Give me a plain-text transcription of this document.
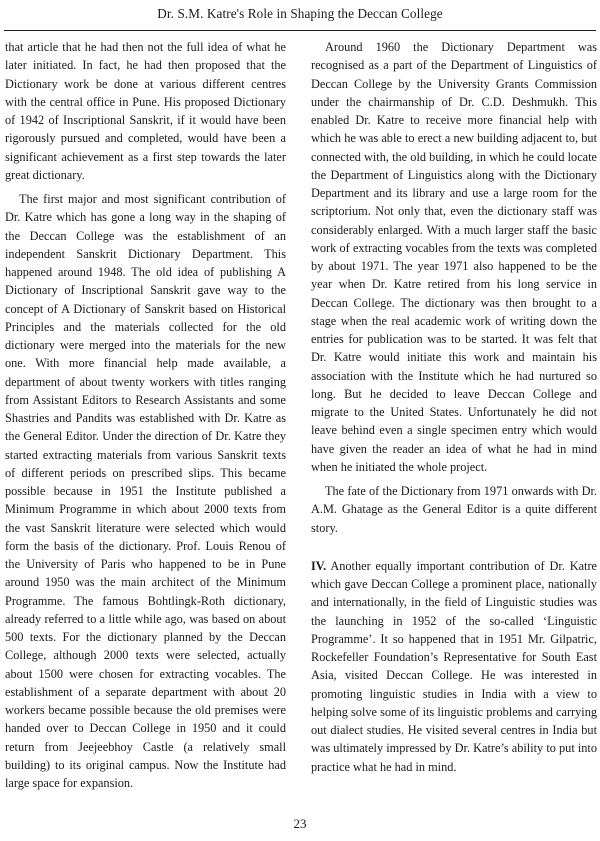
Dr. S.M. Katre's Role in Shaping the Deccan College

that article that he had then not the full idea of what he later initiated. In fact, he had then proposed that the Dictionary work be done at various different centres with the central office in Pune. His proposed Dictionary of 1942 of Inscriptional Sanskrit, if it would have been rigorously pursued and completed, would have been a significant achievement as a first step towards the later great dictionary.

The first major and most significant contribution of Dr. Katre which has gone a long way in the shaping of the Deccan College was the establishment of an independent Sanskrit Dictionary Department. This happened around 1948. The old idea of publishing A Dictionary of Inscriptional Sanskrit gave way to the concept of A Dictionary of Sanskrit based on Historical Principles and the materials collected for the old dictionary were merged into the materials for the new one. With more financial help made available, a department of about twenty workers with titles ranging from Assistant Editors to Research Assistants and some Shastries and Pandits was established with Dr. Katre as the General Editor. Under the direction of Dr. Katre they started extracting materials from various Sanskrit texts of different periods on prescribed slips. This became possible because in 1951 the Institute published a Minimum Programme in which about 2000 texts from the vast Sanskrit literature were selected which would form the basis of the dictionary. Prof. Louis Renou of the University of Paris who happened to be in Pune around 1950 was the main architect of the Minimum Programme. The famous Bohtlingk-Roth dictionary, already referred to a little while ago, was based on about 500 texts. For the dictionary planned by the Deccan College, although 2000 texts were selected, actually about 1500 were chosen for extracting vocables. The establishment of a separate department with about 20 workers became possible because the old premises were handed over to Deccan College in 1950 and it could return from Jeejeebhoy Castle (a relatively small building) to its original campus. Now the Institute had large space for expansion.

Around 1960 the Dictionary Department was recognised as a part of the Department of Linguistics of Deccan College by the University Grants Commission under the chairmanship of Dr. C.D. Deshmukh. This enabled Dr. Katre to receive more financial help with which he was able to erect a new building adjacent to, but connected with, the old building, in which he could locate the Department of Linguistics along with the Dictionary Department and its library and use a large room for the scriptorium. Not only that, even the dictionary staff was considerably enlarged. With a much larger staff the basic work of extracting vocables from the texts was completed by about 1971. The year 1971 also happened to be the year when Dr. Katre retired from his long service in Deccan College. The dictionary was then brought to a stage when the real academic work of writing down the entries for publication was to be started. It was felt that Dr. Katre would initiate this work and maintain his association with the Institute which he had nurtured so long. But he decided to leave Deccan College and migrate to the United States. Unfortunately he did not leave behind even a single specimen entry which would have given the reader an idea of what he had in mind when he initiated the whole project.

The fate of the Dictionary from 1971 onwards with Dr. A.M. Ghatage as the General Editor is a quite different story.

IV. Another equally important contribution of Dr. Katre which gave Deccan College a prominent place, nationally and internationally, in the field of Linguistic studies was the launching in 1952 of the so-called ‘Linguistic Programme’. It so happened that in 1951 Mr. Gilpatric, Rockefeller Foundation’s Representative for South East Asia, visited Deccan College. He was interested in promoting linguistic studies in India with a view to helping solve some of its linguistic problems and carrying out dialect studies. He visited several centres in India but was ultimately impressed by Dr. Katre’s ability to put into practice what he had in mind.

23
